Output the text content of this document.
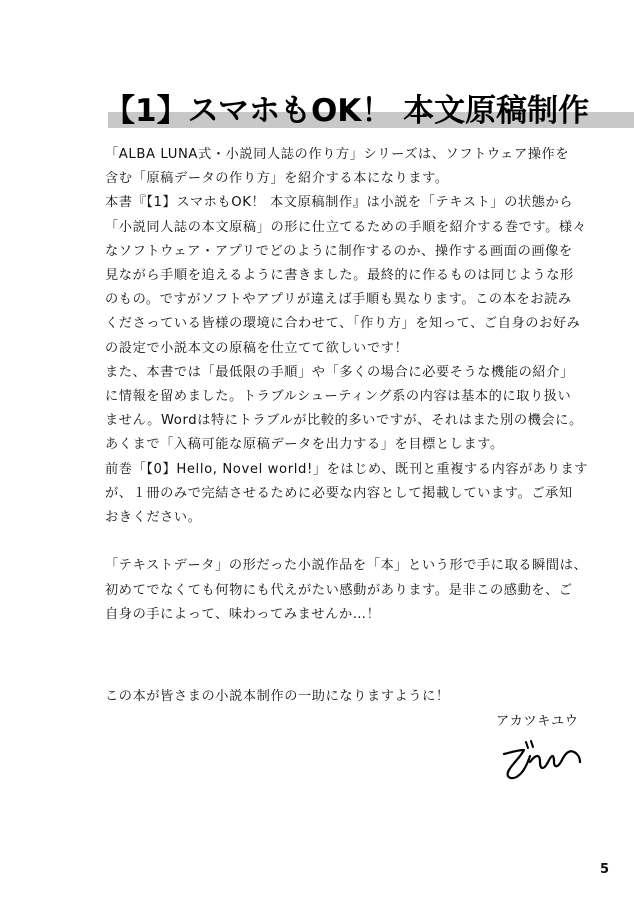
【1】スマホもOK！ 本文原稿制作

「ALBA LUNA式・小説同人誌の作り方」シリーズは、ソフトウェア操作を

含む「原稿データの作り方」を紹介する本になります。

本書『【1】スマホもOK！ 本文原稿制作』は小説を「テキスト」の状態から

「小説同人誌の本文原稿」の形に仕立てるための手順を紹介する巻です。様々

なソフトウェア・アプリでどのように制作するのか、操作する画面の画像を

見ながら手順を追えるように書きました。最終的に作るものは同じような形

のもの。ですがソフトやアプリが違えば手順も異なります。この本をお読み

くださっている皆様の環境に合わせて、「作り方」を知って、ご自身のお好み

の設定で小説本文の原稿を仕立てて欲しいです！

また、本書では「最低限の手順」や「多くの場合に必要そうな機能の紹介」

に情報を留めました。トラブルシューティング系の内容は基本的に取り扱い

ません。Wordは特にトラブルが比較的多いですが、それはまた別の機会に。

あくまで「入稿可能な原稿データを出力する」を目標とします。

前巻「【0】Hello, Novel world!」をはじめ、既刊と重複する内容があります

が、１冊のみで完結させるために必要な内容として掲載しています。ご承知

おきください。

「テキストデータ」の形だった小説作品を「本」という形で手に取る瞬間は、

初めてでなくても何物にも代えがたい感動があります。是非この感動を、ご

自身の手によって、味わってみませんか…！

この本が皆さまの小説本制作の一助になりますように！

アカツキユウ

5
